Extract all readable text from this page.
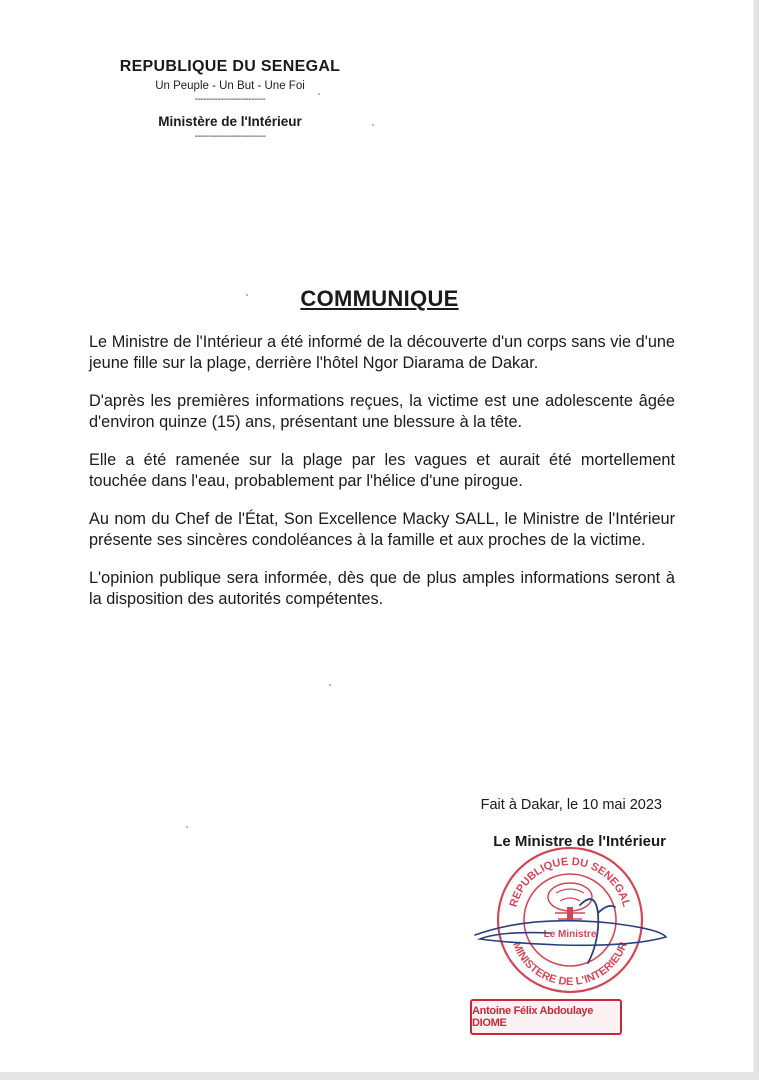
REPUBLIQUE DU SENEGAL
Un Peuple - Un But - Une Foi
-------------------------
Ministère de l'Intérieur
-------------------------
COMMUNIQUE

Le Ministre de l'Intérieur a été informé de la découverte d'un corps sans vie d'une jeune fille sur la plage, derrière l'hôtel Ngor Diarama de Dakar.

D'après les premières informations reçues, la victime est une adolescente âgée d'environ quinze (15) ans, présentant une blessure à la tête.

Elle a été ramenée sur la plage par les vagues et aurait été mortellement touchée dans l'eau, probablement par l'hélice d'une pirogue.

Au nom du Chef de l'État, Son Excellence Macky SALL, le Ministre de l'Intérieur présente ses sincères condoléances à la famille et aux proches de la victime.

L'opinion publique sera informée, dès que de plus amples informations seront à la disposition des autorités compétentes.

Fait à Dakar, le 10 mai 2023
Le Ministre de l'Intérieur
REPUBLIQUE DU SENEGAL
MINISTERE DE L'INTERIEUR
Le Ministre
Antoine Félix Abdoulaye DIOME
